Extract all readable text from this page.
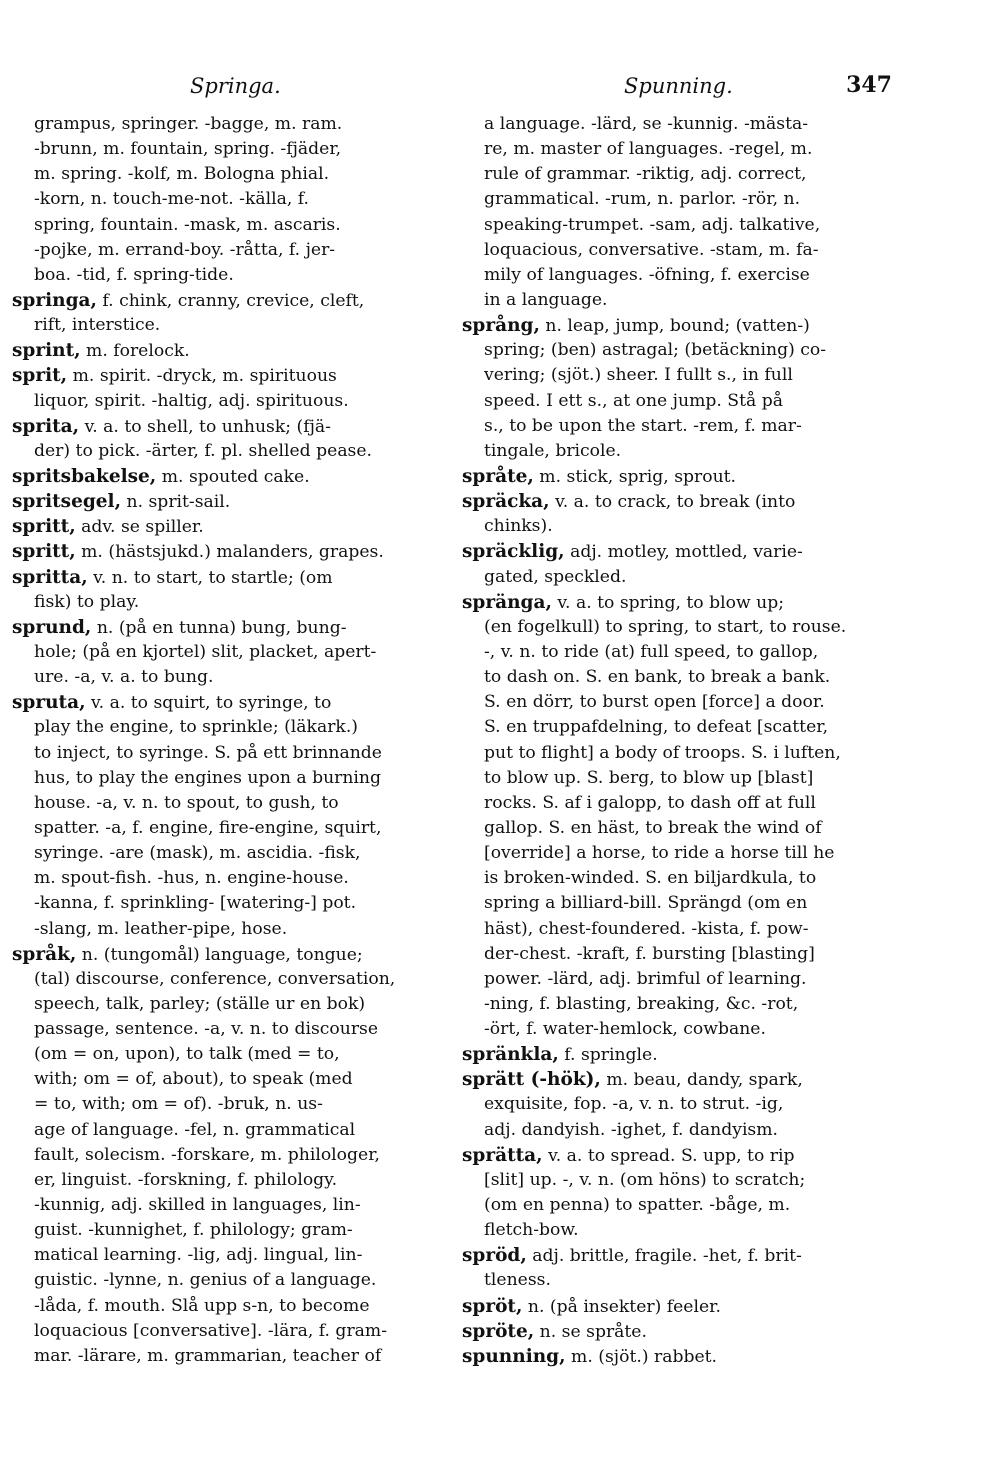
Springa.	Spunning.	347
grampus, springer. -bagge, m. ram.
-brunn, m. fountain, spring. -fjäder,
m. spring. -kolf, m. Bologna phial.
-korn, n. touch-me-not. -källa, f.
spring, fountain. -mask, m. ascaris.
-pojke, m. errand-boy. -råtta, f. jer-
boa. -tid, f. spring-tide.
springa, f. chink, cranny, crevice, cleft,
rift, interstice.
sprint, m. forelock.
sprit, m. spirit. -dryck, m. spirituous
liquor, spirit. -haltig, adj. spirituous.
sprita, v. a. to shell, to unhusk; (fjä-
der) to pick. -ärter, f. pl. shelled pease.
spritsbakelse, m. spouted cake.
spritsegel, n. sprit-sail.
spritt, adv. se spiller.
spritt, m. (hästsjukd.) malanders, grapes.
spritta, v. n. to start, to startle; (om
fisk) to play.
sprund, n. (på en tunna) bung, bung-
hole; (på en kjortel) slit, placket, apert-
ure. -a, v. a. to bung.
spruta, v. a. to squirt, to syringe, to
play the engine, to sprinkle; (läkark.)
to inject, to syringe. S. på ett brinnande
hus, to play the engines upon a burning
house. -a, v. n. to spout, to gush, to
spatter. -a, f. engine, fire-engine, squirt,
syringe. -are (mask), m. ascidia. -fisk,
m. spout-fish. -hus, n. engine-house.
-kanna, f. sprinkling- [watering-] pot.
-slang, m. leather-pipe, hose.
språk, n. (tungomål) language, tongue;
(tal) discourse, conference, conversation,
speech, talk, parley; (ställe ur en bok)
passage, sentence. -a, v. n. to discourse
(om = on, upon), to talk (med = to,
with; om = of, about), to speak (med
= to, with; om = of). -bruk, n. us-
age of language. -fel, n. grammatical
fault, solecism. -forskare, m. philologer,
er, linguist. -forskning, f. philology.
-kunnig, adj. skilled in languages, lin-
guist. -kunnighet, f. philology; gram-
matical learning. -lig, adj. lingual, lin-
guistic. -lynne, n. genius of a language.
-låda, f. mouth. Slå upp s-n, to become
loquacious [conversative]. -lära, f. gram-
mar. -lärare, m. grammarian, teacher of
a language. -lärd, se -kunnig. -mästa-
re, m. master of languages. -regel, m.
rule of grammar. -riktig, adj. correct,
grammatical. -rum, n. parlor. -rör, n.
speaking-trumpet. -sam, adj. talkative,
loquacious, conversative. -stam, m. fa-
mily of languages. -öfning, f. exercise
in a language.
språng, n. leap, jump, bound; (vatten-)
spring; (ben) astragal; (betäckning) co-
vering; (sjöt.) sheer. I fullt s., in full
speed. I ett s., at one jump. Stå på
s., to be upon the start. -rem, f. mar-
tingale, bricole.
språte, m. stick, sprig, sprout.
spräcka, v. a. to crack, to break (into
chinks).
spräcklig, adj. motley, mottled, varie-
gated, speckled.
spränga, v. a. to spring, to blow up;
(en fogelkull) to spring, to start, to rouse.
-, v. n. to ride (at) full speed, to gallop,
to dash on. S. en bank, to break a bank.
S. en dörr, to burst open [force] a door.
S. en truppafdelning, to defeat [scatter,
put to flight] a body of troops. S. i luften,
to blow up. S. berg, to blow up [blast]
rocks. S. af i galopp, to dash off at full
gallop. S. en häst, to break the wind of
[override] a horse, to ride a horse till he
is broken-winded. S. en biljardkula, to
spring a billiard-bill. Sprängd (om en
häst), chest-foundered. -kista, f. pow-
der-chest. -kraft, f. bursting [blasting]
power. -lärd, adj. brimful of learning.
-ning, f. blasting, breaking, &c. -rot,
-ört, f. water-hemlock, cowbane.
spränkla, f. springle.
sprätt (-hök), m. beau, dandy, spark,
exquisite, fop. -a, v. n. to strut. -ig,
adj. dandyish. -ighet, f. dandyism.
sprätta, v. a. to spread. S. upp, to rip
[slit] up. -, v. n. (om höns) to scratch;
(om en penna) to spatter. -båge, m.
fletch-bow.
spröd, adj. brittle, fragile. -het, f. brit-
tleness.
spröt, n. (på insekter) feeler.
spröte, n. se språte.
spunning, m. (sjöt.) rabbet.
